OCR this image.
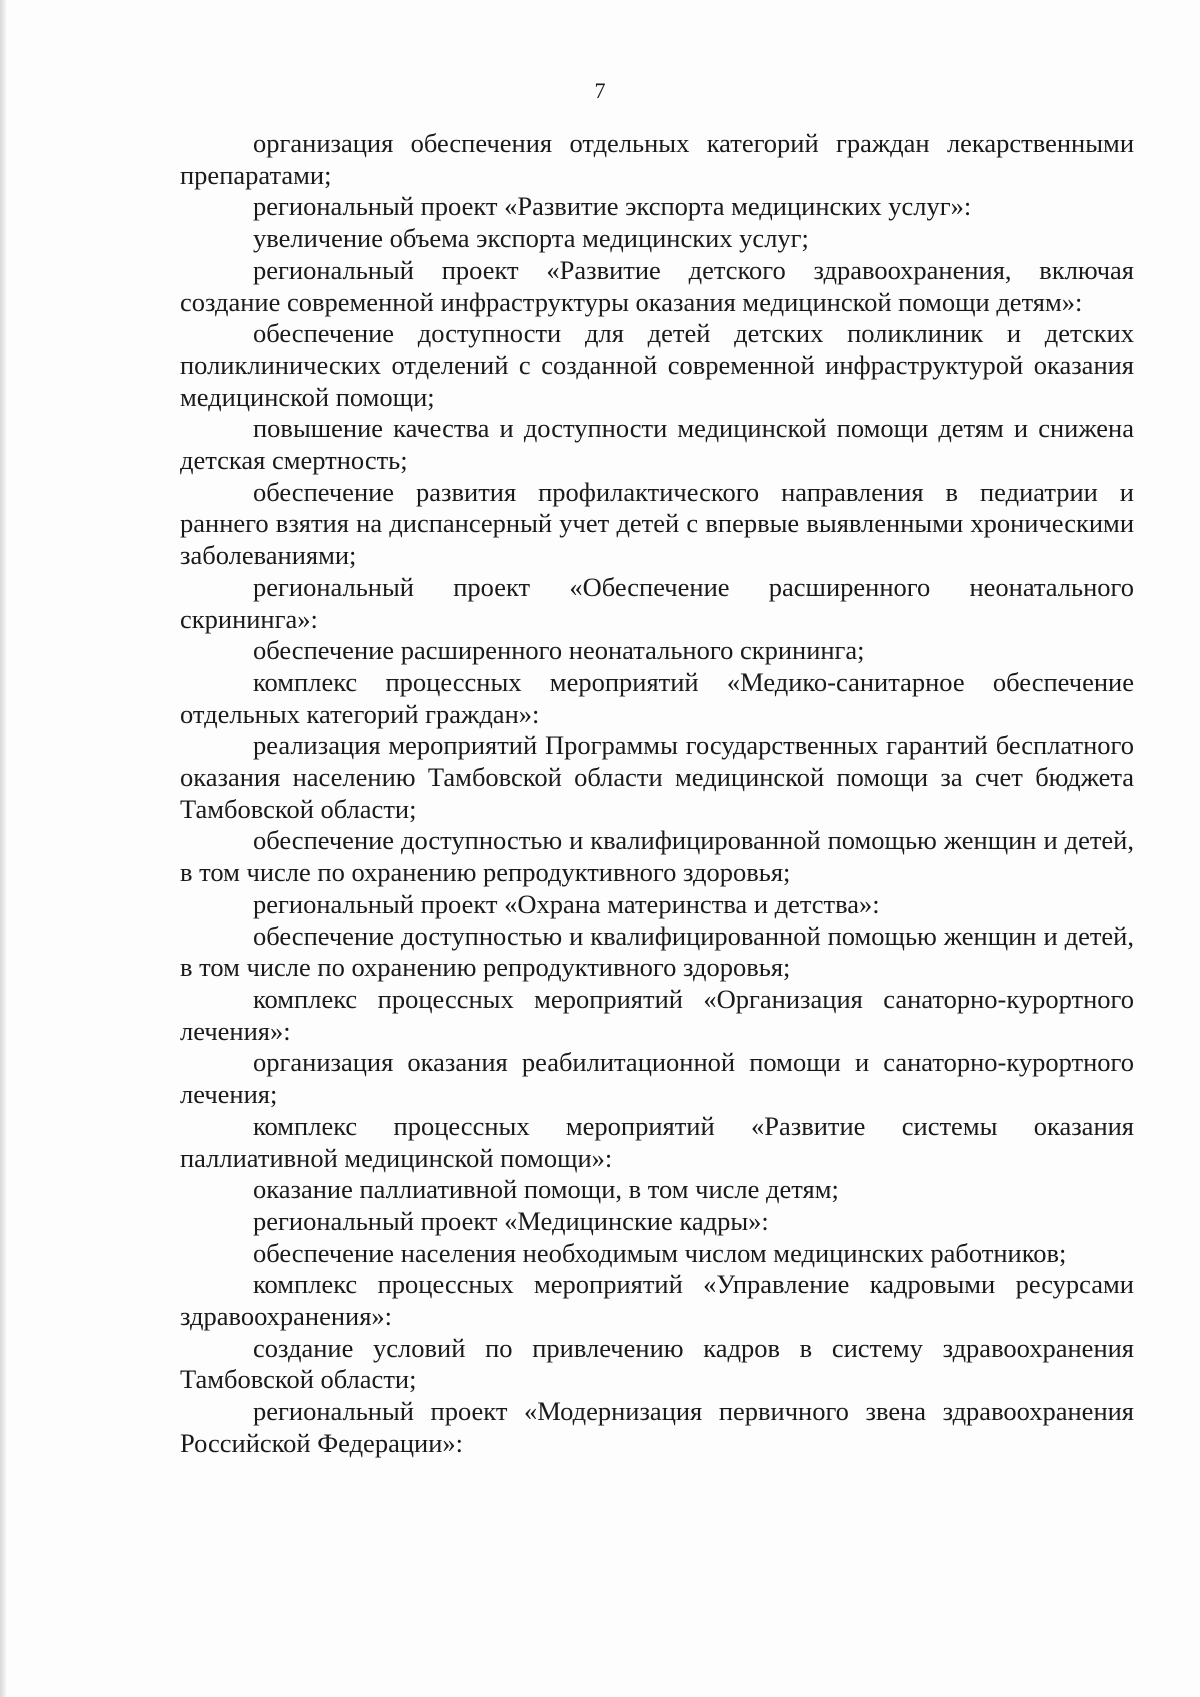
7

организация обеспечения отдельных категорий граждан лекарственными препаратами;

региональный проект «Развитие экспорта медицинских услуг»:

увеличение объема экспорта медицинских услуг;

региональный проект «Развитие детского здравоохранения, включая создание современной инфраструктуры оказания медицинской помощи детям»:

обеспечение доступности для детей детских поликлиник и детских поликлинических отделений с созданной современной инфраструктурой оказания медицинской помощи;

повышение качества и доступности медицинской помощи детям и снижена детская смертность;

обеспечение развития профилактического направления в педиатрии и раннего взятия на диспансерный учет детей с впервые выявленными хроническими заболеваниями;

региональный проект «Обеспечение расширенного неонатального скрининга»:

обеспечение расширенного неонатального скрининга;

комплекс процессных мероприятий «Медико-санитарное обеспечение отдельных категорий граждан»:

реализация мероприятий Программы государственных гарантий бесплатного оказания населению Тамбовской области медицинской помощи за счет бюджета Тамбовской области;

обеспечение доступностью и квалифицированной помощью женщин и детей, в том числе по охранению репродуктивного здоровья;

региональный проект «Охрана материнства и детства»:

обеспечение доступностью и квалифицированной помощью женщин и детей, в том числе по охранению репродуктивного здоровья;

комплекс процессных мероприятий «Организация санаторно-курортного лечения»:

организация оказания реабилитационной помощи и санаторно-курортного лечения;

комплекс процессных мероприятий «Развитие системы оказания паллиативной медицинской помощи»:

оказание паллиативной помощи, в том числе детям;

региональный проект «Медицинские кадры»:

обеспечение населения необходимым числом медицинских работников;

комплекс процессных мероприятий «Управление кадровыми ресурсами здравоохранения»:

создание условий по привлечению кадров в систему здравоохранения Тамбовской области;

региональный проект «Модернизация первичного звена здравоохранения Российской Федерации»:
